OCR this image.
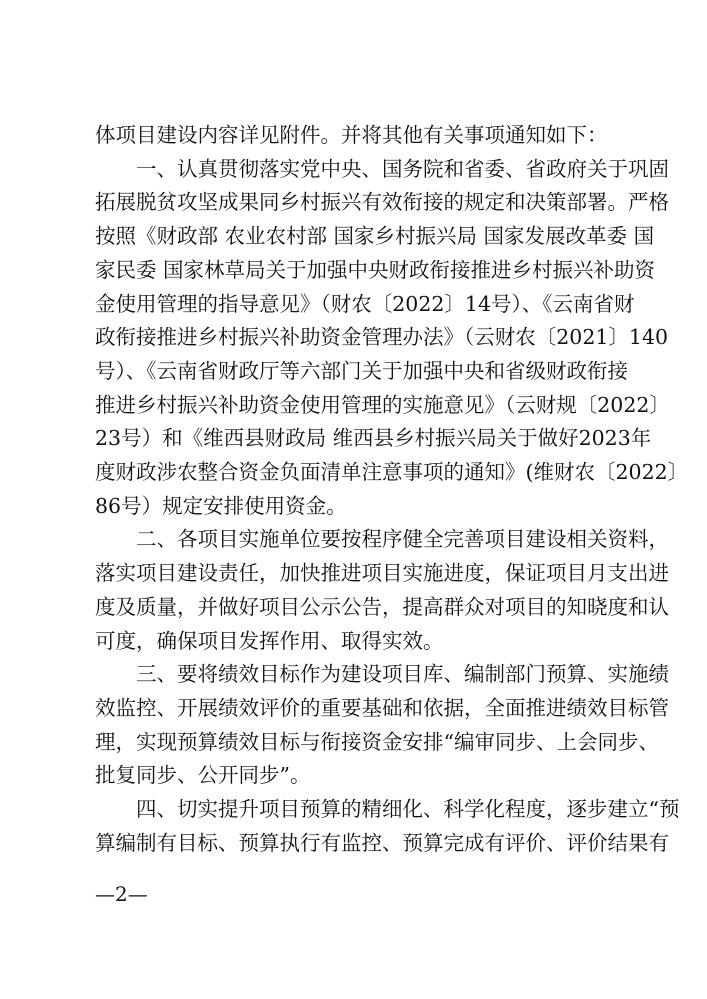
体项目建设内容详见附件。并将其他有关事项通知如下：
　　一、认真贯彻落实党中央、国务院和省委、省政府关于巩固
拓展脱贫攻坚成果同乡村振兴有效衔接的规定和决策部署。严格
按照《财政部 农业农村部 国家乡村振兴局 国家发展改革委 国
家民委 国家林草局关于加强中央财政衔接推进乡村振兴补助资
金使用管理的指导意见》（财农〔2022〕14号）、《云南省财
政衔接推进乡村振兴补助资金管理办法》（云财农〔2021〕140
号）、《云南省财政厅等六部门关于加强中央和省级财政衔接
推进乡村振兴补助资金使用管理的实施意见》（云财规〔2022〕
23号）和《维西县财政局 维西县乡村振兴局关于做好2023年
度财政涉农整合资金负面清单注意事项的通知》(维财农〔2022〕
86号）规定安排使用资金。
　　二、各项目实施单位要按程序健全完善项目建设相关资料，
落实项目建设责任，加快推进项目实施进度，保证项目月支出进
度及质量，并做好项目公示公告，提高群众对项目的知晓度和认
可度，确保项目发挥作用、取得实效。
　　三、要将绩效目标作为建设项目库、编制部门预算、实施绩
效监控、开展绩效评价的重要基础和依据，全面推进绩效目标管
理，实现预算绩效目标与衔接资金安排“编审同步、上会同步、
批复同步、公开同步”。
　　四、切实提升项目预算的精细化、科学化程度，逐步建立“预
算编制有目标、预算执行有监控、预算完成有评价、评价结果有
—2—
